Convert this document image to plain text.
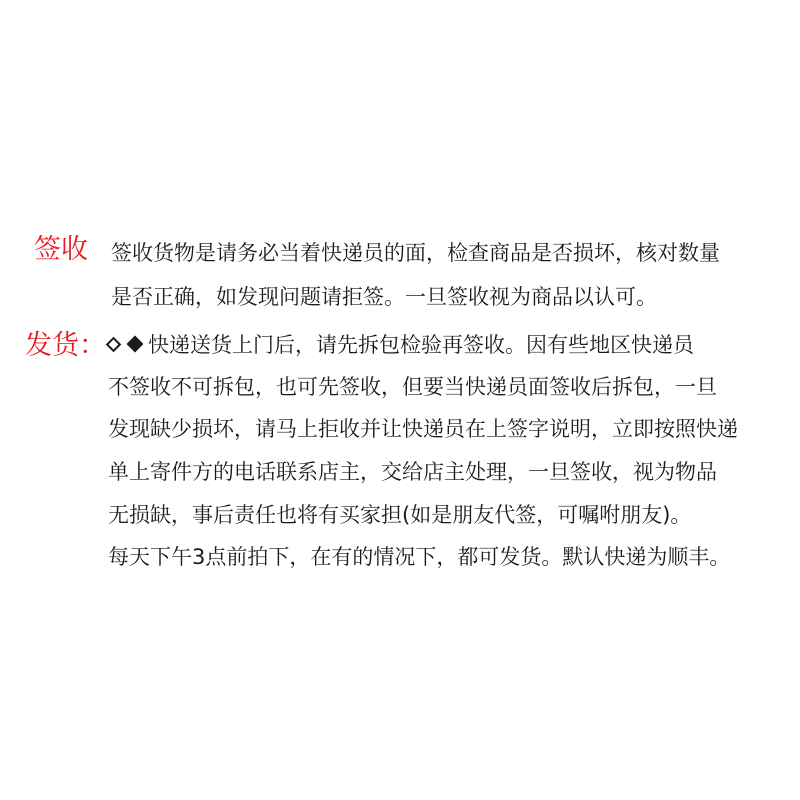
签收 签收货物是请务必当着快递员的面，检查商品是否损坏，核对数量
是否正确，如发现问题请拒签。一旦签收视为商品以认可。
发货：	快递送货上门后，请先拆包检验再签收。因有些地区快递员
不签收不可拆包，也可先签收，但要当快递员面签收后拆包，一旦
发现缺少损坏，请马上拒收并让快递员在上签字说明，立即按照快递
单上寄件方的电话联系店主，交给店主处理，一旦签收，视为物品
无损缺，事后责任也将有买家担(如是朋友代签，可嘱咐朋友)。
每天下午3点前拍下，在有的情况下，都可发货。默认快递为顺丰。
